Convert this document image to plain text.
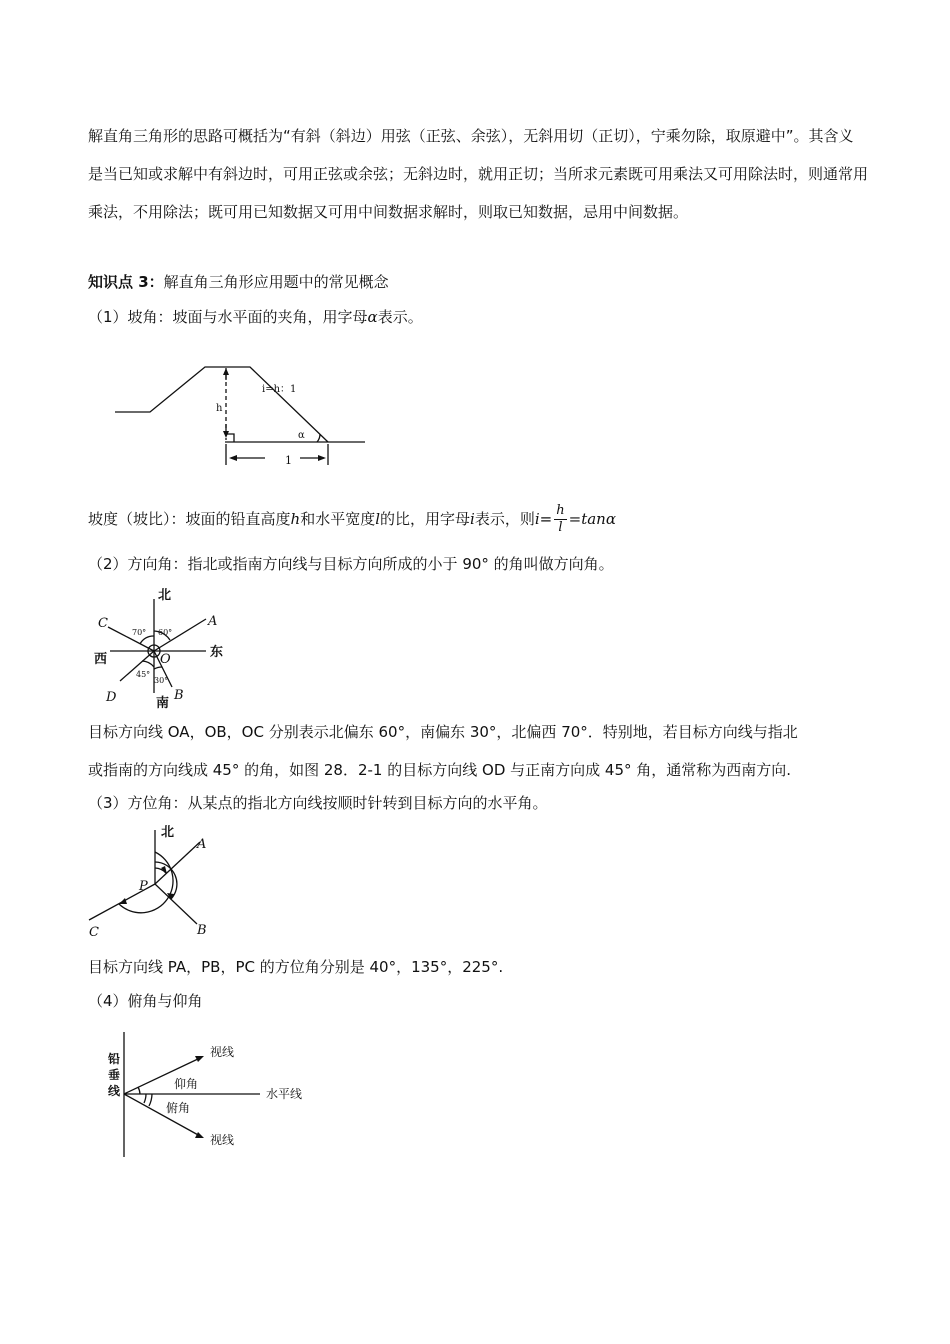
解直角三角形的思路可概括为“有斜（斜边）用弦（正弦、余弦），无斜用切（正切），宁乘勿除，取原避中”。其含义是当已知或求解中有斜边时，可用正弦或余弦；无斜边时，就用正切；当所求元素既可用乘法又可用除法时，则通常用乘法，不用除法；既可用已知数据又可用中间数据求解时，则取已知数据，忌用中间数据。

知识点 3：解直角三角形应用题中的常见概念
（1）坡角：坡面与水平面的夹角，用字母α表示。
i=h：1
h
α
1
坡度（坡比）：坡面的铅直高度h和水平宽度l的比，用字母i表示，则$i= \frac{h}{l} =\tan\alpha$
（2）方向角：指北或指南方向线与目标方向所成的小于 90° 的角叫做方向角。
北
南
东
西
A
B
C
D
O
70° 60°
45°
30°
目标方向线 OA，OB，OC 分别表示北偏东 60°，南偏东 30°，北偏西 70°．特别地，若目标方向线与指北
或指南的方向线成 45° 的角，如图 28．2-1 的目标方向线 OD 与正南方向成 45° 角，通常称为西南方向.
（3）方位角：从某点的指北方向线按顺时针转到目标方向的水平角。
北
P
A
B
C
目标方向线 PA，PB，PC 的方位角分别是 40°，135°，225°.
（4）俯角与仰角
铅
垂
线
视线
仰角
水平线
俯角
视线
